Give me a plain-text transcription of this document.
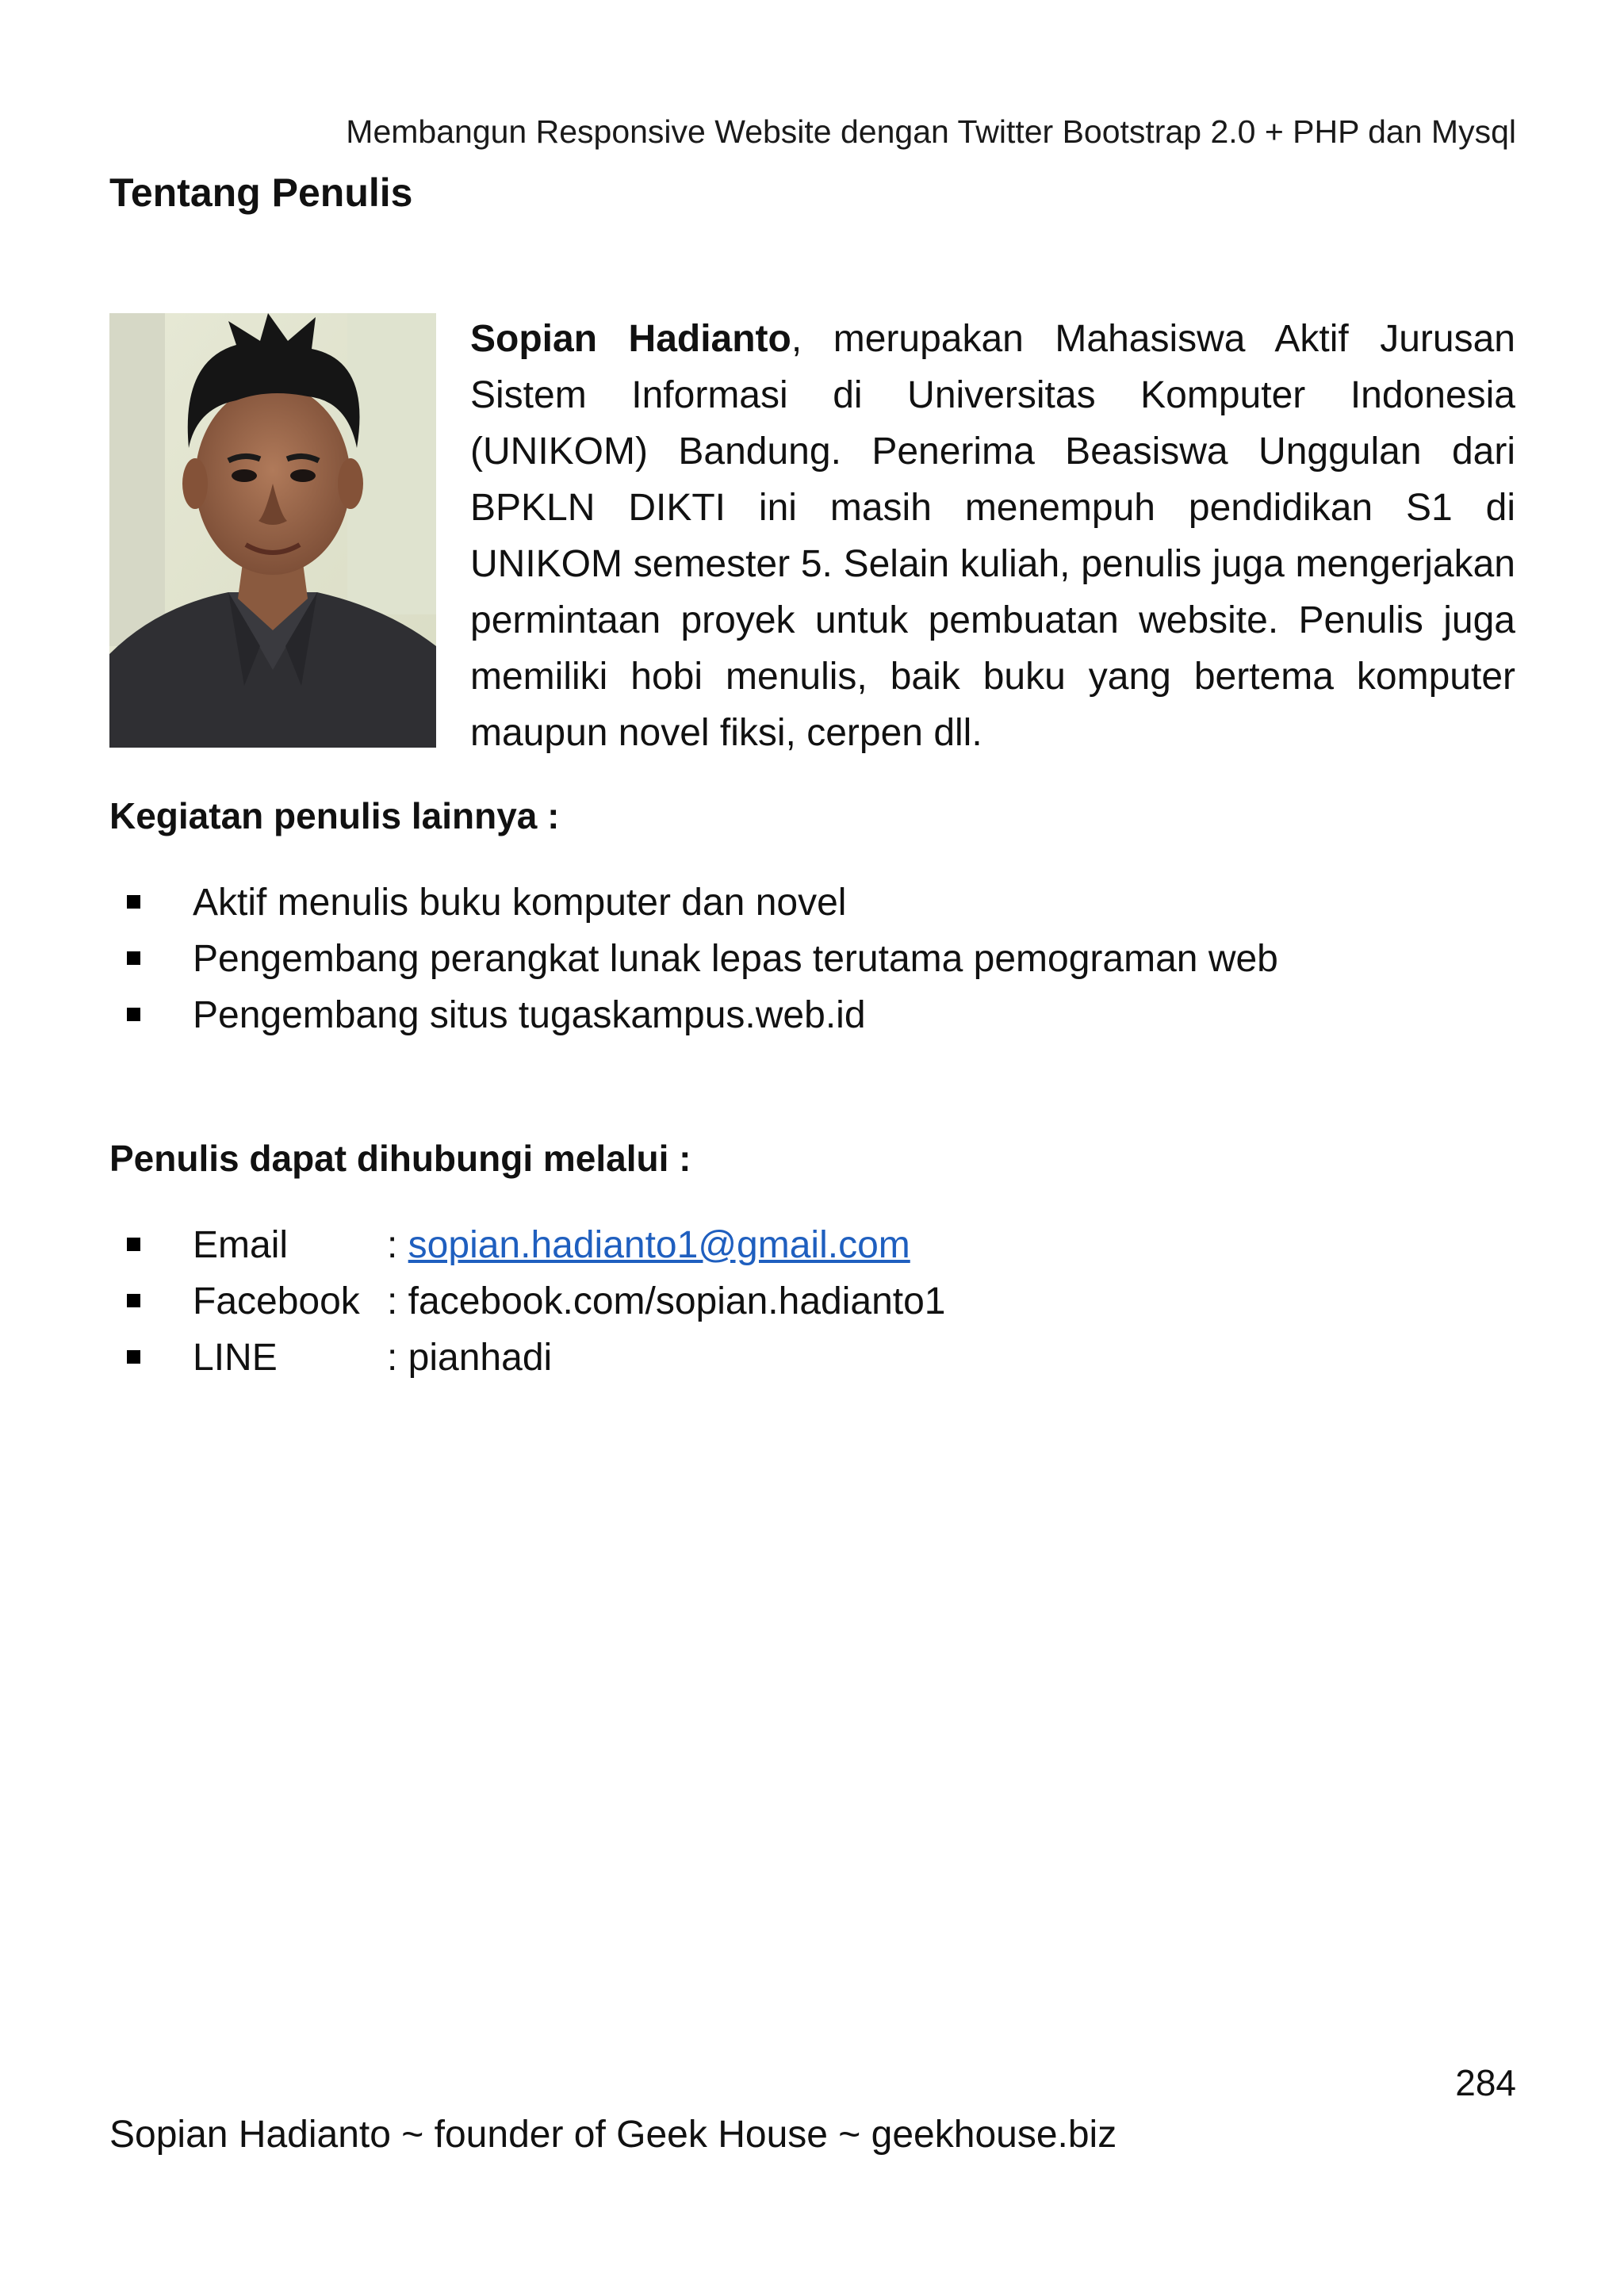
Membangun Responsive Website dengan Twitter Bootstrap 2.0 + PHP dan Mysql
Tentang Penulis

Sopian Hadianto, merupakan Mahasiswa Aktif Jurusan Sistem Informasi di Universitas Komputer Indonesia (UNIKOM) Bandung. Penerima Beasiswa Unggulan dari BPKLN DIKTI ini masih menempuh pendidikan S1 di UNIKOM semester 5. Selain kuliah, penulis juga mengerjakan permintaan proyek untuk pembuatan website. Penulis juga memiliki hobi menulis, baik buku yang bertema komputer maupun novel fiksi, cerpen dll.

Kegiatan penulis lainnya :
Aktif menulis buku komputer dan novel
Pengembang perangkat lunak lepas terutama pemograman web
Pengembang situs tugaskampus.web.id
Penulis dapat dihubungi melalui :
Email	: sopian.hadianto1@gmail.com
Facebook : facebook.com/sopian.hadianto1
LINE	: pianhadi
284
Sopian Hadianto ~ founder of Geek House ~ geekhouse.biz
